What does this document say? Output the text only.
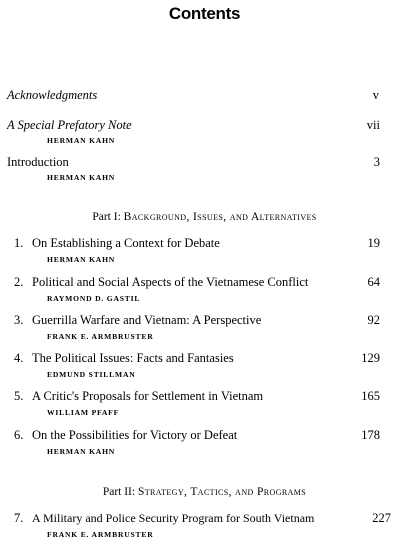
Contents
Acknowledgments	v
A Special Prefatory Note	vii
HERMAN KAHN
Introduction	3
HERMAN KAHN
Part I: Background, Issues, and Alternatives
1. On Establishing a Context for Debate	19
HERMAN KAHN
2. Political and Social Aspects of the Vietnamese Conflict	64
RAYMOND D. GASTIL
3. Guerrilla Warfare and Vietnam: A Perspective	92
FRANK E. ARMBRUSTER
4. The Political Issues: Facts and Fantasies	129
EDMUND STILLMAN
5. A Critic's Proposals for Settlement in Vietnam	165
WILLIAM PFAFF
6. On the Possibilities for Victory or Defeat	178
HERMAN KAHN
Part II: Strategy, Tactics, and Programs
7. A Military and Police Security Program for South Vietnam	227
FRANK E. ARMBRUSTER
